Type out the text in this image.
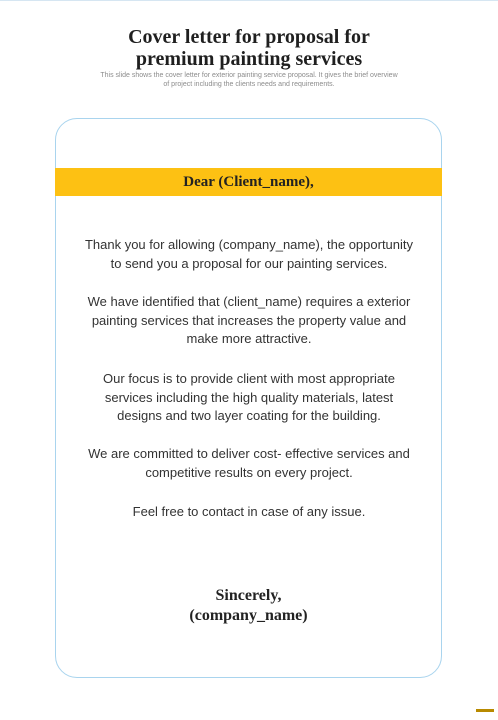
Cover letter for proposal for
premium painting services

This slide shows the cover letter for exterior painting service proposal. It gives the brief overview
of project including the clients needs and requirements.

Dear (Client_name),

Thank you for allowing (company_name), the opportunity
to send you a proposal for our painting services.

We have identified that (client_name) requires a exterior
painting services that increases the property value and
make more attractive.

Our focus is to provide client with most appropriate
services including the high quality materials, latest
designs and two layer coating for the building.

We are committed to deliver cost- effective services and
competitive results on every project.

Feel free to contact in case of any issue.

Sincerely,
(company_name)
